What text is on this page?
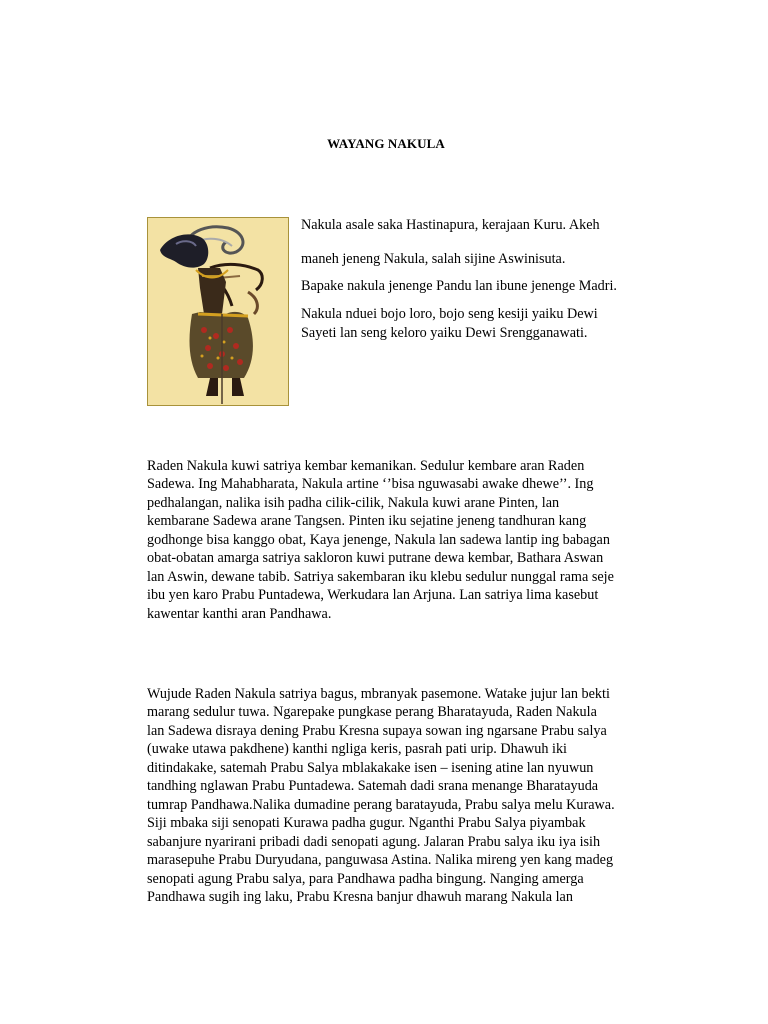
WAYANG NAKULA
Nakula asale saka Hastinapura, kerajaan Kuru. Akeh
maneh jeneng Nakula, salah sijine Aswinisuta.
Bapake nakula jenenge Pandu lan ibune jenenge Madri.
Nakula nduei bojo loro, bojo seng kesiji yaiku Dewi
Sayeti lan seng keloro yaiku Dewi Srengganawati.
Raden Nakula kuwi satriya kembar kemanikan. Sedulur kembare aran Raden
Sadewa. Ing Mahabharata, Nakula artine ‘’bisa nguwasabi awake dhewe’’. Ing
pedhalangan, nalika isih padha cilik-cilik, Nakula kuwi arane Pinten, lan
kembarane Sadewa arane Tangsen. Pinten iku sejatine jeneng tandhuran kang
godhonge bisa kanggo obat, Kaya jenenge, Nakula lan sadewa lantip ing babagan
obat-obatan amarga satriya sakloron kuwi putrane dewa kembar, Bathara Aswan
lan Aswin, dewane tabib. Satriya sakembaran iku klebu sedulur nunggal rama seje
ibu yen karo Prabu Puntadewa, Werkudara lan Arjuna. Lan satriya lima kasebut
kawentar kanthi aran Pandhawa.
Wujude Raden Nakula satriya bagus, mbranyak pasemone. Watake jujur lan bekti
marang sedulur tuwa. Ngarepake pungkase perang Bharatayuda, Raden Nakula
lan Sadewa disraya dening Prabu Kresna supaya sowan ing ngarsane Prabu salya
(uwake utawa pakdhene) kanthi ngliga keris, pasrah pati urip. Dhawuh iki
ditindakake, satemah Prabu Salya mblakakake isen – isening atine lan nyuwun
tandhing nglawan Prabu Puntadewa. Satemah dadi srana menange Bharatayuda
tumrap Pandhawa.Nalika dumadine perang baratayuda, Prabu salya melu Kurawa.
Siji mbaka siji senopati Kurawa padha gugur. Nganthi Prabu Salya piyambak
sabanjure nyarirani pribadi dadi senopati agung. Jalaran Prabu salya iku iya isih
marasepuhe Prabu Duryudana, panguwasa Astina. Nalika mireng yen kang madeg
senopati agung Prabu salya, para Pandhawa padha bingung. Nanging amerga
Pandhawa sugih ing laku, Prabu Kresna banjur dhawuh marang Nakula lan
